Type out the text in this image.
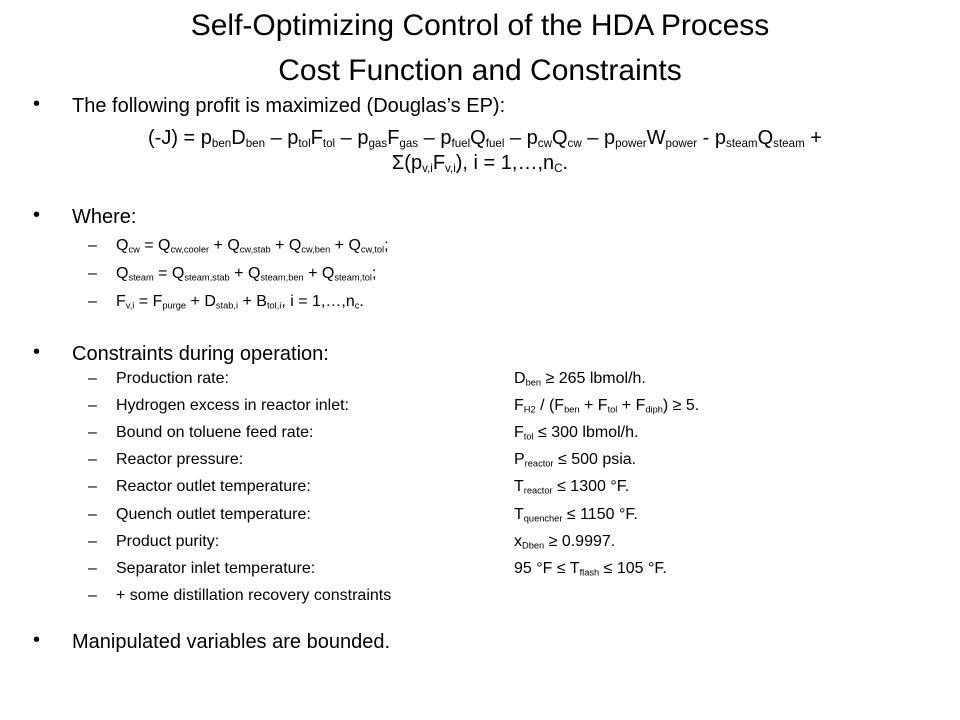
Self-Optimizing Control of the HDA Process
Cost Function and Constraints
• The following profit is maximized (Douglas’s EP):
$(-J) = p_{ben}D_{ben} - p_{tol}F_{tol} - p_{gas}F_{gas} - p_{fuel}Q_{fuel} - p_{cw}Q_{cw} - p_{power}W_{power} - p_{steam}Q_{steam}$ +
$\Sigma(p_{v,i}F_{v,i})$, $i = 1,\dots,n_C$.
• Where:
– $Q_{cw} = Q_{cw,cooler} + Q_{cw,stab} + Q_{cw,ben} + Q_{cw,tol}$;
– $Q_{steam} = Q_{steam,stab} + Q_{steam,ben} + Q_{steam,tol}$;
– $F_{v,i} = F_{purge} + D_{stab,i} + B_{tol,i}$, $i = 1,\dots,n_c$.
• Constraints during operation:
– Production rate:	$D_{ben} \ge 265$ lbmol/h.
– Hydrogen excess in reactor inlet:	$F_{H2} / (F_{ben} + F_{tol} + F_{diph}) \ge 5$.
– Bound on toluene feed rate:	$F_{tol} \le 300$ lbmol/h.
– Reactor pressure:	$P_{reactor} \le 500$ psia.
– Reactor outlet temperature:	$T_{reactor} \le 1300$ °F.
– Quench outlet temperature:	$T_{quencher} \le 1150$ °F.
– Product purity:	$x_{Dben} \ge 0.9997$.
– Separator inlet temperature:	95 $^\circ F \le T_{flash} \le 105$ °F.
– + some distillation recovery constraints
• Manipulated variables are bounded.
